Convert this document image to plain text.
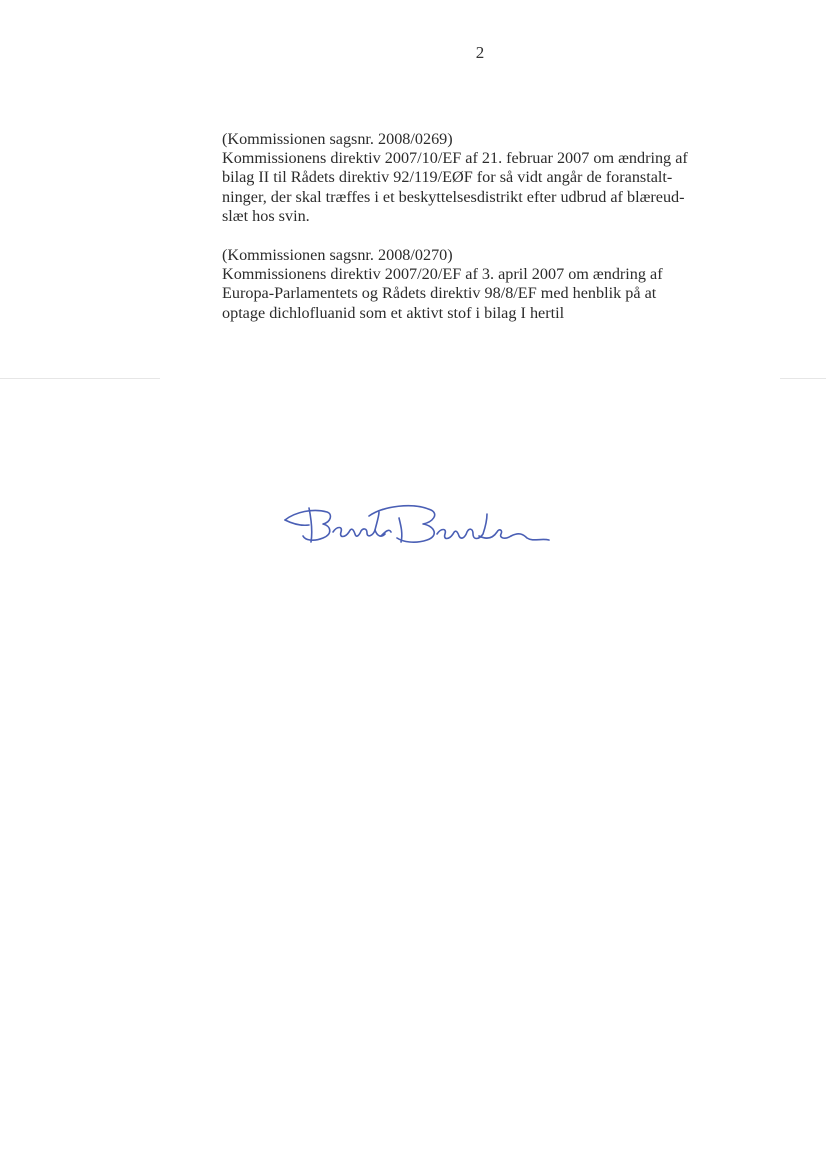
2
(Kommissionen sagsnr. 2008/0269)
Kommissionens direktiv 2007/10/EF af 21. februar 2007 om ændring af
bilag II til Rådets direktiv 92/119/EØF for så vidt angår de foranstalt-
ninger, der skal træffes i et beskyttelsesdistrikt efter udbrud af blæreud-
slæt hos svin.
(Kommissionen sagsnr. 2008/0270)
Kommissionens direktiv 2007/20/EF af 3. april 2007 om ændring af
Europa-Parlamentets og Rådets direktiv 98/8/EF med henblik på at
optage dichlofluanid som et aktivt stof i bilag I hertil
